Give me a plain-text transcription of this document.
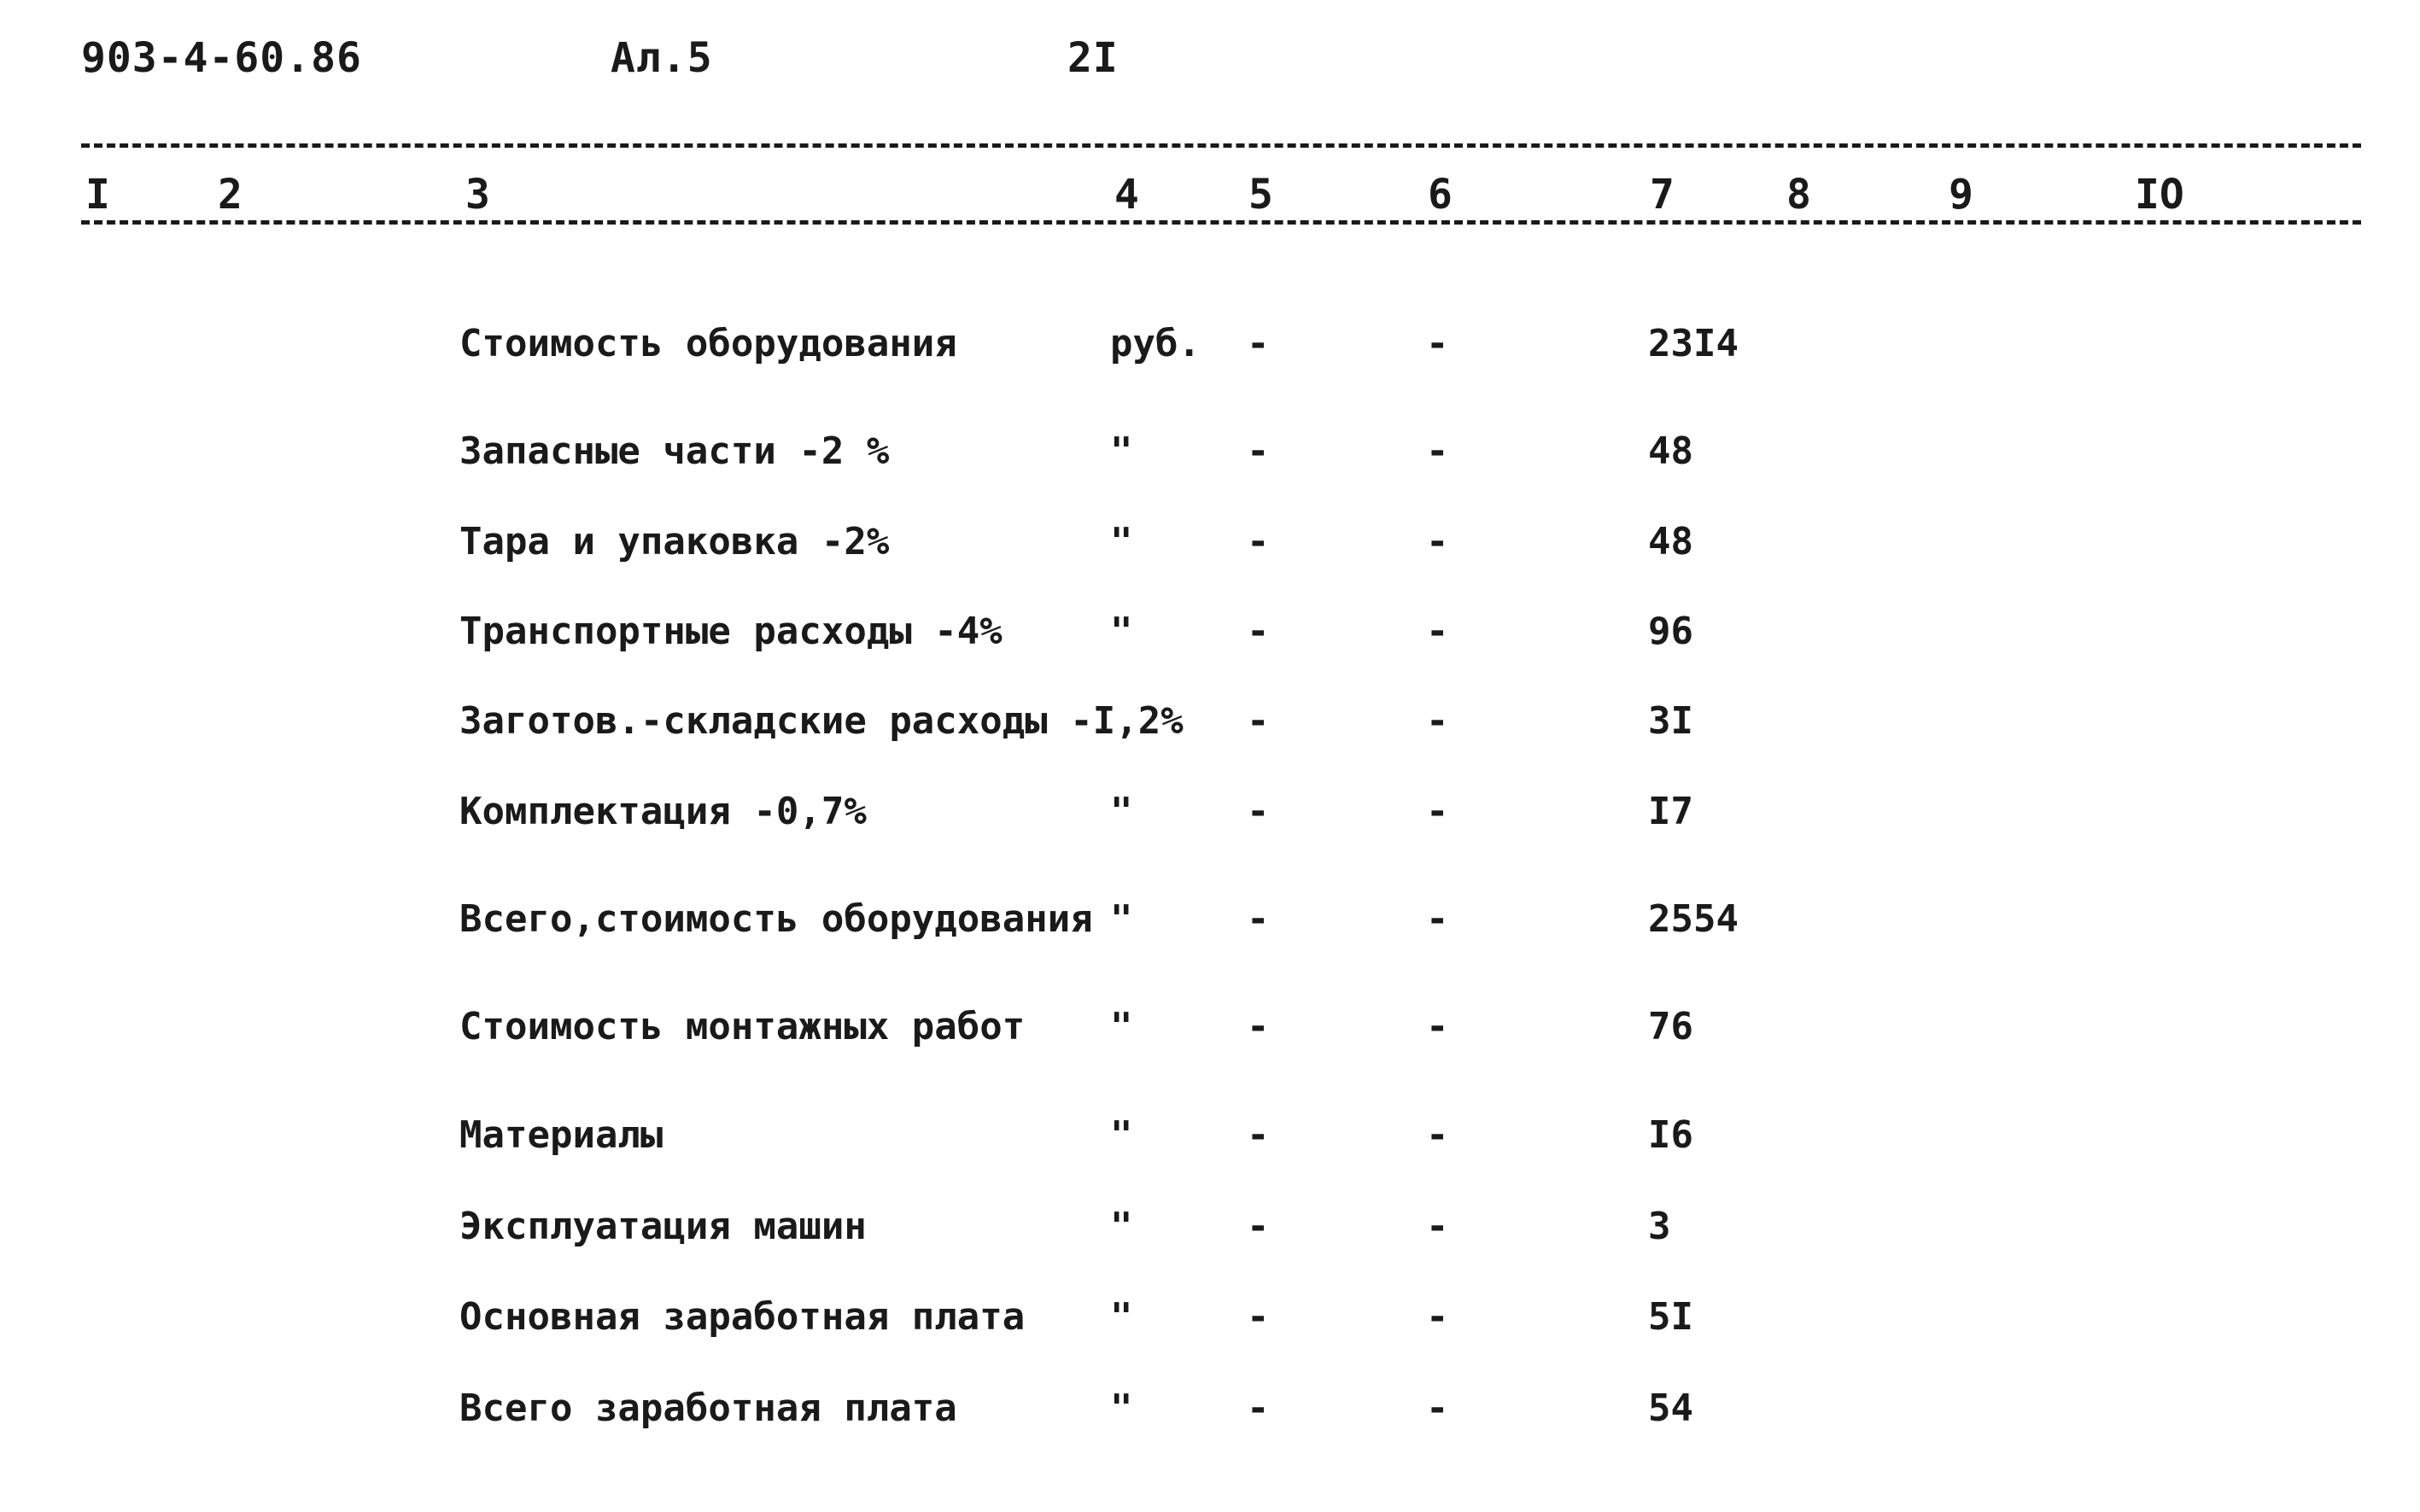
903-4-60.86	Ал.5	2I
I	2	3	4	5	6	7	8	9	IO
Стоимость оборудования	руб. -	-	23I4
Запасные части -2 %	"	-	-	48
Тара и упаковка -2%	"	-	-	48
Транспортные расходы -4%	"	-	-	96
Заготов.-складские расходы -I,2% -	-	3I
Комплектация -0,7%	"	-	-	I7
Всего,стоимость оборудования "	-	-	2554
Стоимость монтажных работ "	-	-	76
Материалы	"	-	-	I6
Эксплуатация машин	"	-	-	3
Основная заработная плата "	-	-	5I
Всего заработная плата	"	-	-	54
